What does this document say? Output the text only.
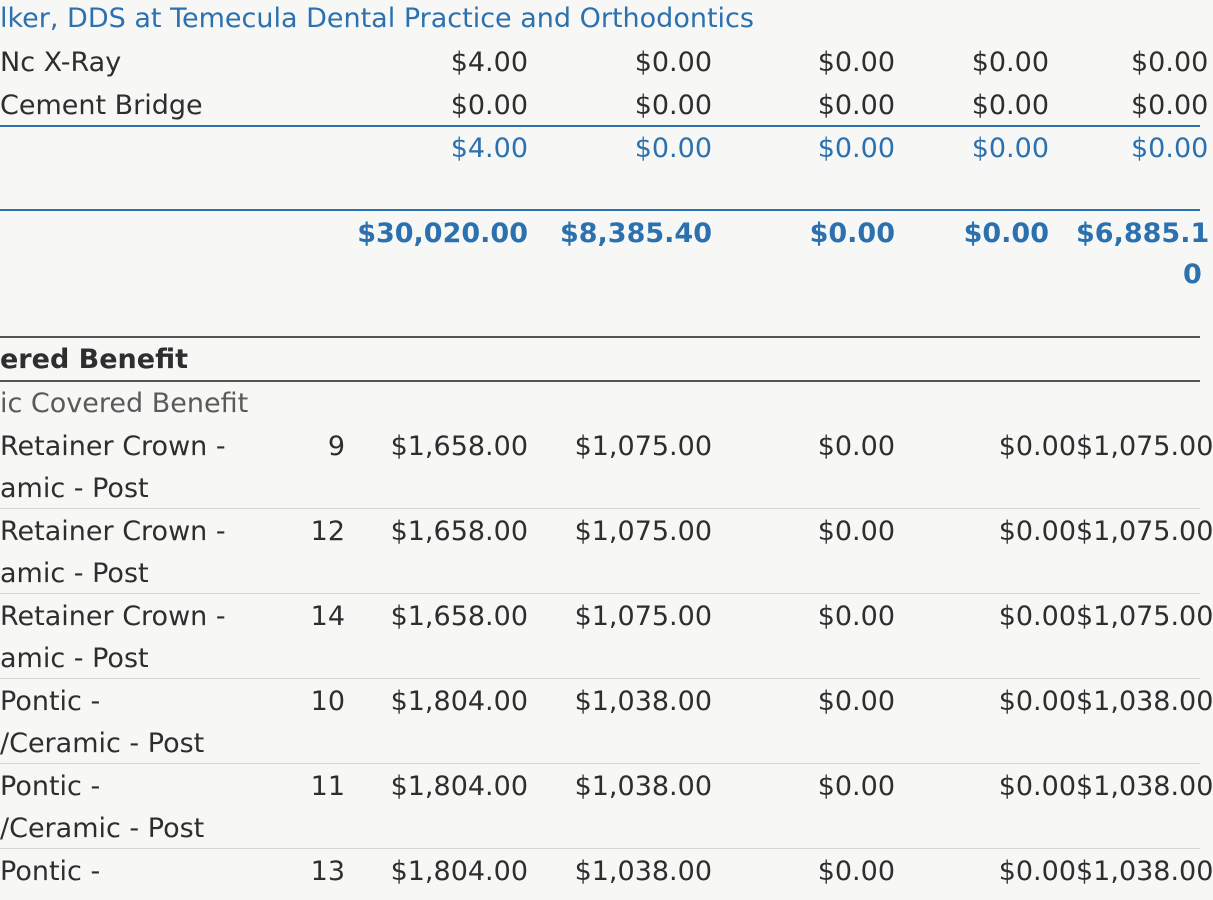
lker, DDS at Temecula Dental Practice and Orthodontics
Nc X-Ray	$4.00	$0.00	$0.00	$0.00	$0.00
Cement Bridge	$0.00	$0.00	$0.00	$0.00	$0.00
$4.00	$0.00	$0.00	$0.00	$0.00
$30,020.00 $8,385.40	$0.00	$0.00 $6,885.1
0
ered Benefit
ic Covered Benefit
Retainer Crown -
amic - Post
9 $1,658.00 $1,075.00	$0.00	$0.00 $1,075.00
Retainer Crown -
amic - Post
12 $1,658.00 $1,075.00	$0.00	$0.00 $1,075.00
Retainer Crown -
amic - Post
14 $1,658.00 $1,075.00	$0.00	$0.00 $1,075.00
Pontic -
/Ceramic - Post
10 $1,804.00 $1,038.00	$0.00	$0.00 $1,038.00
Pontic -
/Ceramic - Post
11 $1,804.00 $1,038.00	$0.00	$0.00 $1,038.00
Pontic -	13 $1,804.00 $1,038.00	$0.00	$0.00 $1,038.00
